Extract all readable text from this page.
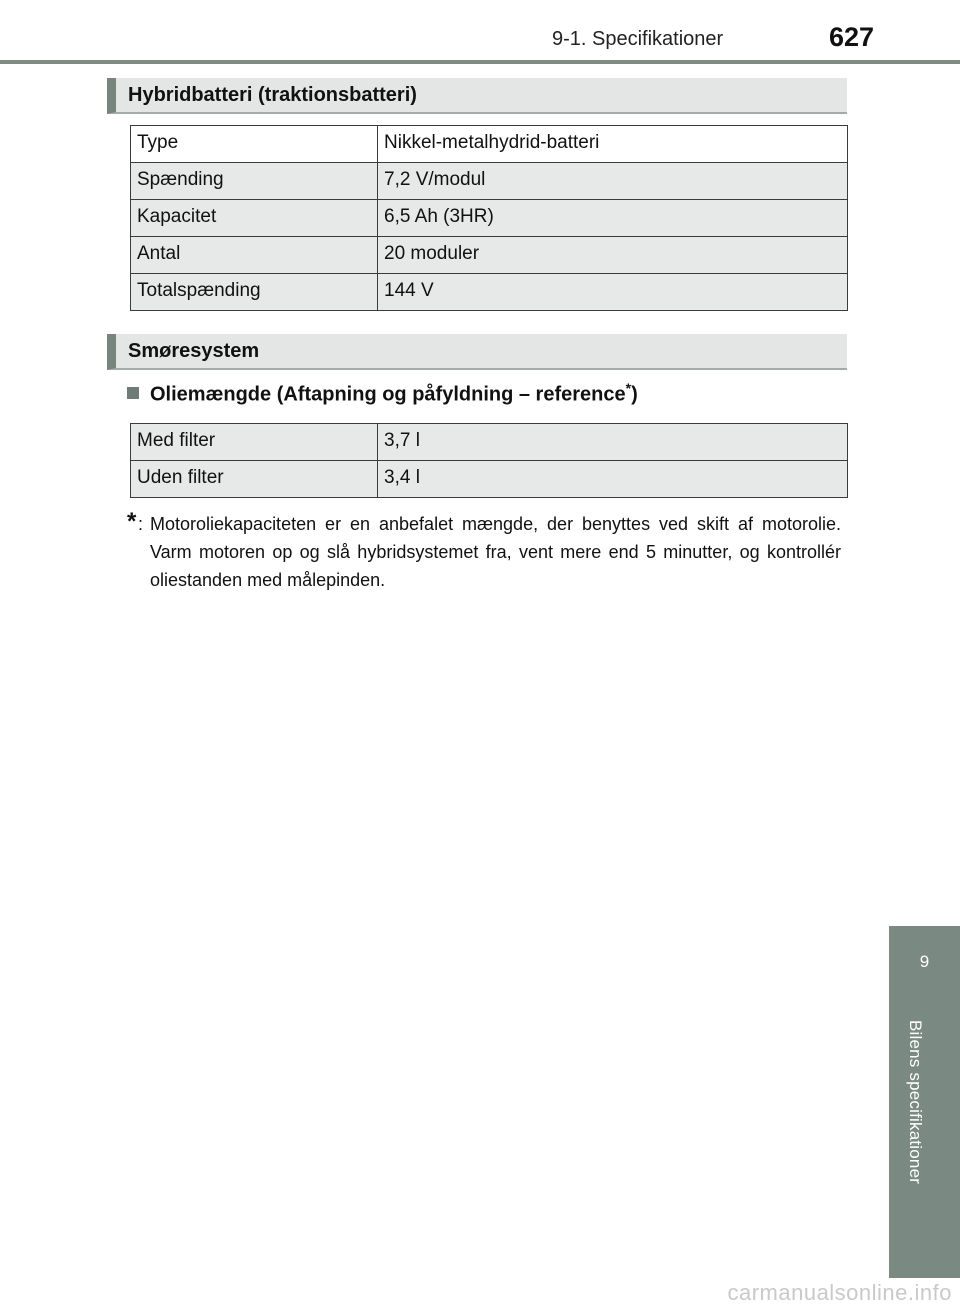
9-1. Specifikationer	627
9
Bilens specifikationer
Hybridbatteri (traktionsbatteri)
Type	Nikkel-metalhydrid-batteri
Spænding	7,2 V/modul
Kapacitet	6,5 Ah (3HR)
Antal	20 moduler
Totalspænding	144 V
Smøresystem
Oliemængde (Aftapning og påfyldning – reference*)
Med filter	3,7 l
Uden filter	3,4 l
* : Motoroliekapaciteten er en anbefalet mængde, der benyttes ved skift af motorolie. Varm motoren op og slå hybridsystemet fra, vent mere end 5 minutter, og kontrollér oliestanden med målepinden.
carmanualsonline.info
